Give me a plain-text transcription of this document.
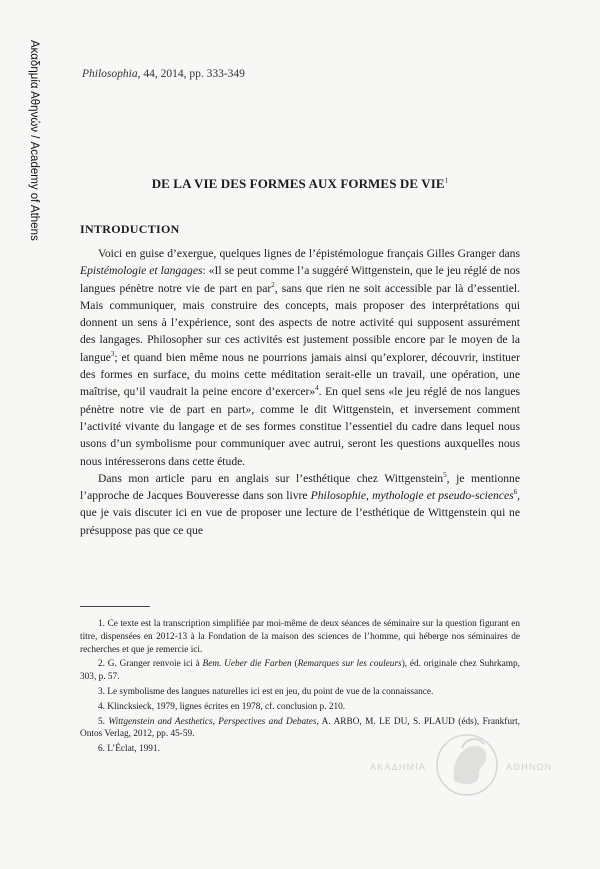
Ακαδημία Αθηνών / Academy of Athens	Philosophia, 44, 2014, pp. 333-349
DE LA VIE DES FORMES AUX FORMES DE VIE$^1$
INTRODUCTION

Voici en guise d’exergue, quelques lignes de l’épistémologue français Gilles Granger dans Epistémologie et langages: «Il se peut comme l’a suggéré Wittgenstein, que le jeu réglé de nos langues pénètre notre vie de part en par$^2$, sans que rien ne soit accessible par là d’essentiel. Mais communiquer, mais construire des concepts, mais proposer des interprétations qui donnent un sens à l’expérience, sont des aspects de notre activité qui supposent assurément des langages. Philosopher sur ces activités est justement possible encore par le moyen de la langue$^3$; et quand bien même nous ne pourrions jamais ainsi qu’explorer, découvrir, instituer des formes en surface, du moins cette méditation serait-elle un travail, une opération, une maîtrise, qu’il vaudrait la peine encore d’exercer»$^4$. En quel sens «le jeu réglé de nos langues pénètre notre vie de part en part», comme le dit Wittgenstein, et inversement comment l’activité vivante du langage et de ses formes constitue l’essentiel du cadre dans lequel nous usons d’un symbolisme pour communiquer avec autrui, seront les questions auxquelles nous nous intéresserons dans cette étude.

Dans mon article paru en anglais sur l’esthétique chez Wittgenstein$^5$, je mentionne l’approche de Jacques Bouveresse dans son livre Philosophie, mythologie et pseudo-sciences$^6$, que je vais discuter ici en vue de proposer une lecture de l’esthétique de Wittgenstein qui ne présuppose pas que ce que

1. Ce texte est la transcription simplifiée par moi-même de deux séances de séminaire sur la question figurant en titre, dispensées en 2012-13 à la Fondation de la maison des sciences de l’homme, qui héberge nos séminaires de recherches et que je remercie ici.

2. G. Granger renvoie ici à Bem. Ueber die Farben (Remarques sur les couleurs), éd. originale chez Suhrkamp, 303, p. 57.

3. Le symbolisme des langues naturelles ici est en jeu, du point de vue de la connaissance.

4. Klincksieck, 1979, lignes écrites en 1978, cf. conclusion p. 210.

5. Wittgenstein and Aesthetics, Perspectives and Debates, A. ARBO, M. LE DU, S. PLAUD (éds), Frankfurt, Ontos Verlag, 2012, pp. 45-59.

6. L’Éclat, 1991.

ΑΚΑΔΗΜΙΑ	ΑΘΗΝΩΝ
